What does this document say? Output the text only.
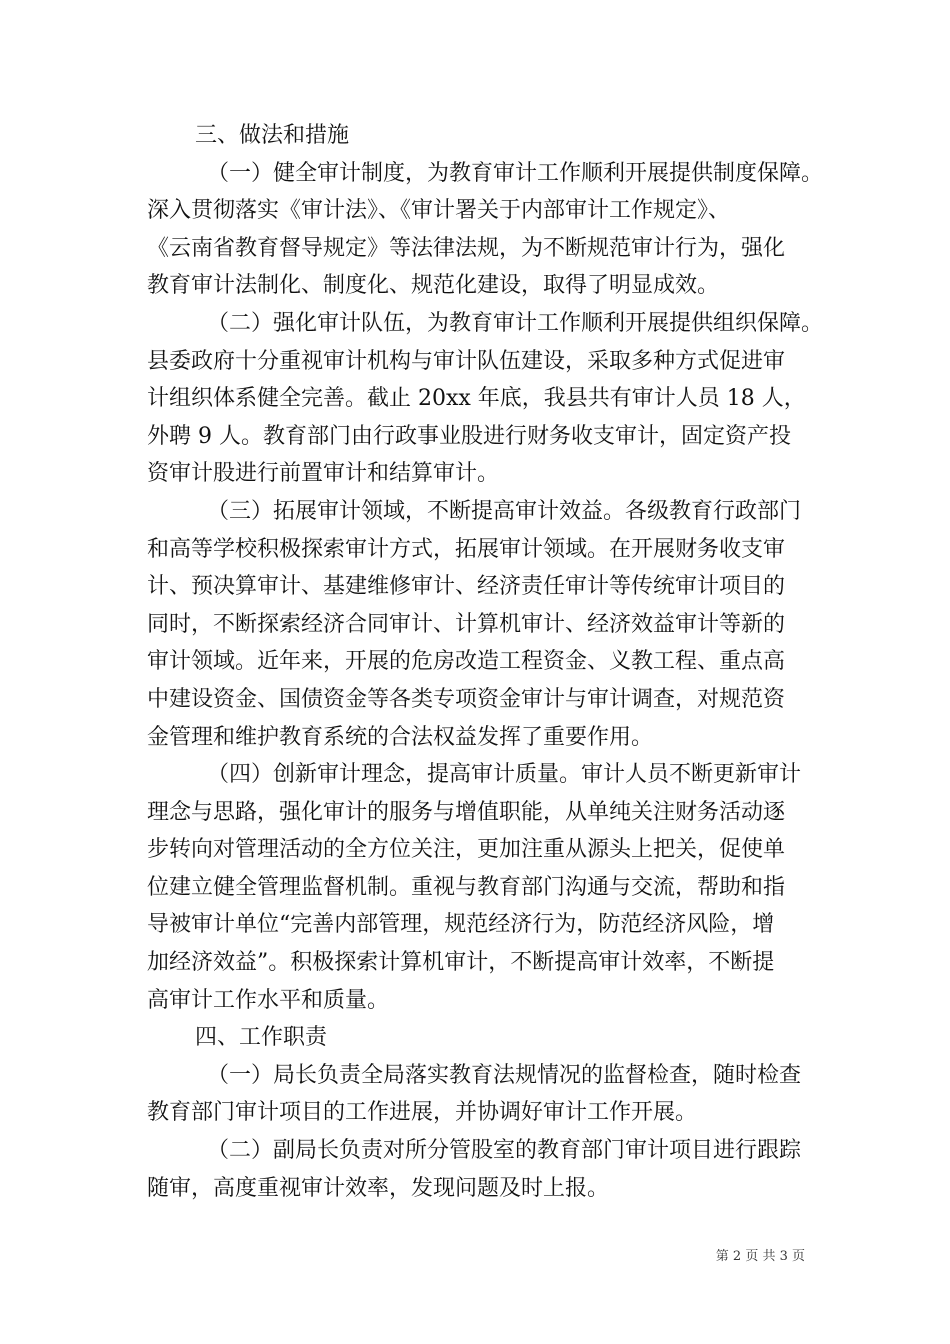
三、做法和措施
（一）健全审计制度，为教育审计工作顺利开展提供制度保障。
深入贯彻落实《审计法》、《审计署关于内部审计工作规定》、
《云南省教育督导规定》等法律法规，为不断规范审计行为，强化
教育审计法制化、制度化、规范化建设，取得了明显成效。
（二）强化审计队伍，为教育审计工作顺利开展提供组织保障。
县委政府十分重视审计机构与审计队伍建设，采取多种方式促进审
计组织体系健全完善。截止 20xx 年底，我县共有审计人员 18 人，
外聘 9 人。教育部门由行政事业股进行财务收支审计，固定资产投
资审计股进行前置审计和结算审计。
（三）拓展审计领域，不断提高审计效益。各级教育行政部门
和高等学校积极探索审计方式，拓展审计领域。在开展财务收支审
计、预决算审计、基建维修审计、经济责任审计等传统审计项目的
同时，不断探索经济合同审计、计算机审计、经济效益审计等新的
审计领域。近年来，开展的危房改造工程资金、义教工程、重点高
中建设资金、国债资金等各类专项资金审计与审计调查，对规范资
金管理和维护教育系统的合法权益发挥了重要作用。
（四）创新审计理念，提高审计质量。审计人员不断更新审计
理念与思路，强化审计的服务与增值职能，从单纯关注财务活动逐
步转向对管理活动的全方位关注，更加注重从源头上把关，促使单
位建立健全管理监督机制。重视与教育部门沟通与交流，帮助和指
导被审计单位“完善内部管理，规范经济行为，防范经济风险，增
加经济效益”。积极探索计算机审计，不断提高审计效率，不断提
高审计工作水平和质量。
四、工作职责
（一）局长负责全局落实教育法规情况的监督检查，随时检查
教育部门审计项目的工作进展，并协调好审计工作开展。
（二）副局长负责对所分管股室的教育部门审计项目进行跟踪
随审，高度重视审计效率，发现问题及时上报。
第 2 页 共 3 页
